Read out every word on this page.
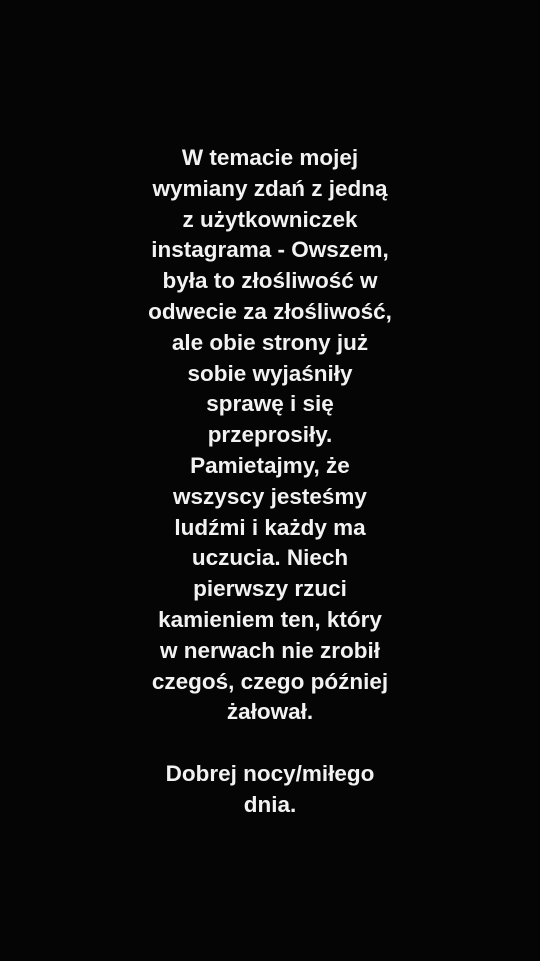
W temacie mojej
wymiany zdań z jedną
z użytkowniczek
instagrama - Owszem,
była to złośliwość w
odwecie za złośliwość,
ale obie strony już
sobie wyjaśniły
sprawę i się
przeprosiły.
Pamietajmy, że
wszyscy jesteśmy
ludźmi i każdy ma
uczucia. Niech
pierwszy rzuci
kamieniem ten, który
w nerwach nie zrobił
czegoś, czego później
żałował.
Dobrej nocy/miłego
dnia.
